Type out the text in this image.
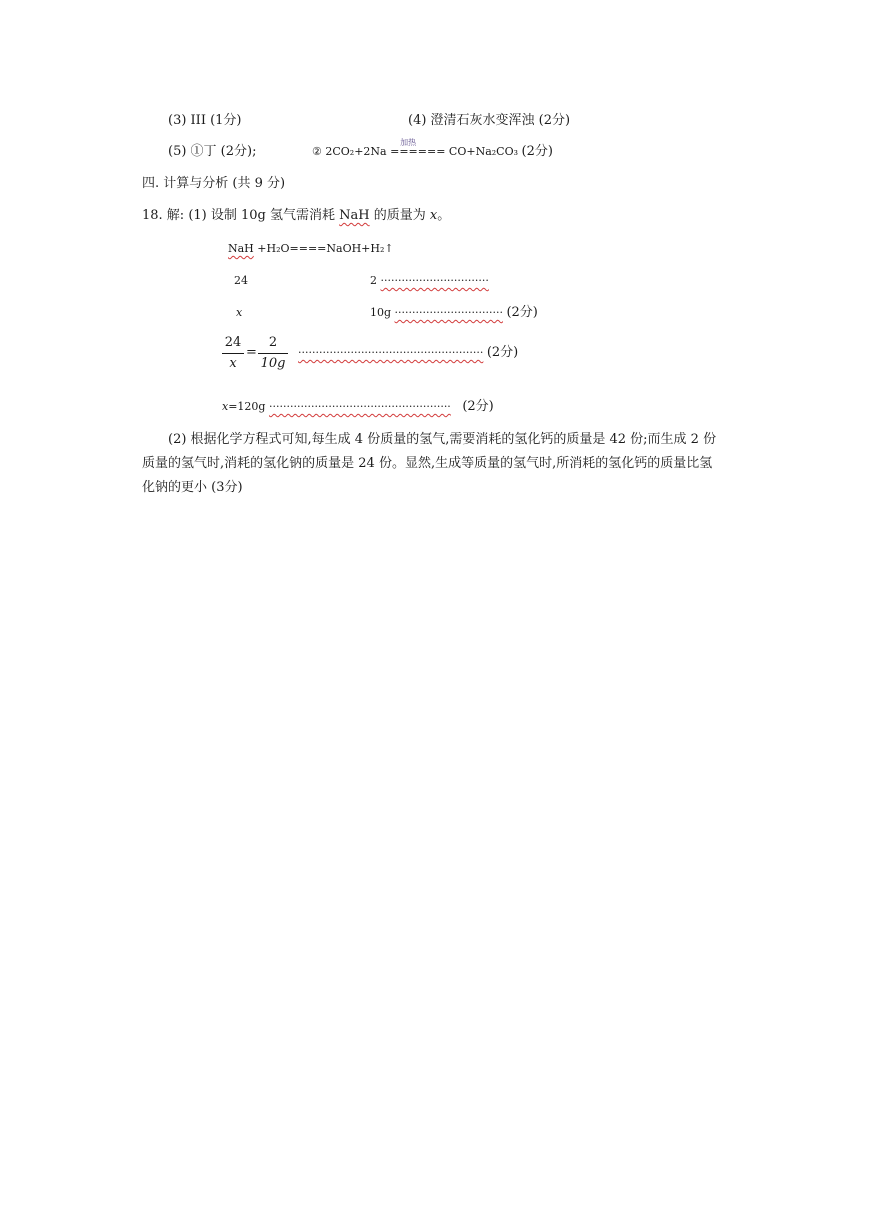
(3) III (1分)	(4) 澄清石灰水变浑浊 (2分)
(5) ①丁 (2分);	② 2CO₂+2Na
加热
====== CO+Na₂CO₃ (2分)
四. 计算与分析 (共 9 分)
18. 解: (1) 设制 10g 氢气需消耗 NaH 的质量为 x。
NaH +H₂O====NaOH+H₂↑
24	2 ·······························
x	10g ······························· (2分)
24
x
=
2
10g
····················································· (2分)
x=120g ···················································· (2分)
(2) 根据化学方程式可知,每生成 4 份质量的氢气,需要消耗的氢化钙的质量是 42 份;而生成 2 份质量的氢气时,消耗的氢化钠的质量是 24 份。显然,生成等质量的氢气时,所消耗的氢化钙的质量比氢化钠的更小 (3分)
